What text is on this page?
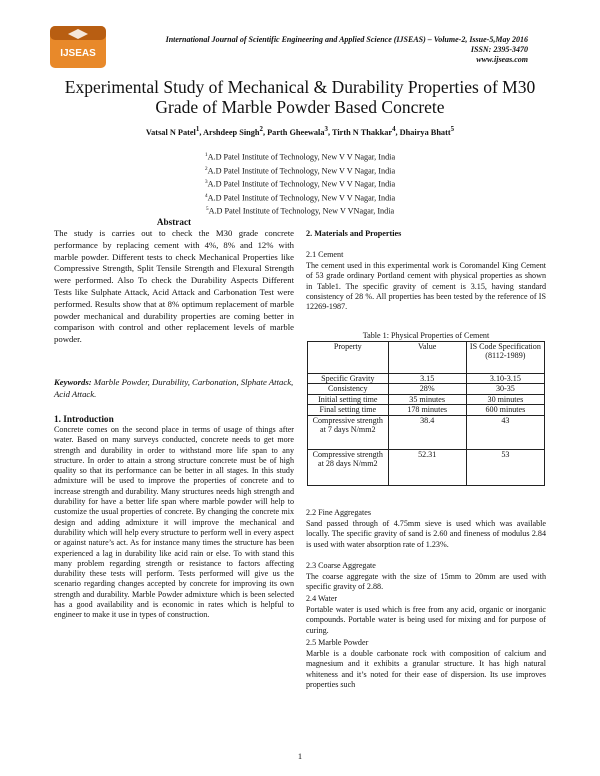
IJSEAS
International Journal of Scientific Engineering and Applied Science (IJSEAS) – Volume-2, Issue-5,May 2016
ISSN: 2395-3470
www.ijseas.com
Experimental Study of Mechanical & Durability Properties of M30
Grade of Marble Powder Based Concrete
Vatsal N Patel$^1$, Arshdeep Singh$^2$, Parth Gheewala$^3$, Tirth N Thakkar$^4$, Dhairya Bhatt$^5$
$^1$A.D Patel Institute of Technology, New V V Nagar, India
$^2$A.D Patel Institute of Technology, New V V Nagar, India
$^3$A.D Patel Institute of Technology, New V V Nagar, India
$^4$A.D Patel Institute of Technology, New V V Nagar, India
$^5$A.D Patel Institute of Technology, New V VNagar, India
Abstract
The study is carries out to check the M30 grade concrete performance by replacing cement with 4%, 8% and 12% with marble powder. Different tests to check Mechanical Properties like Compressive Strength, Split Tensile Strength and Flexural Strength were performed. Also To check the Durability Aspects Different Tests like Sulphate Attack, Acid Attack and Carbonation Test were performed. Results show that at 8% optimum replacement of marble powder mechanical and durability properties are coming better in comparison with control and other replacement levels of marble powder.
Keywords: Marble Powder, Durability, Carbonation, Slphate Attack, Acid Attack.
1. Introduction
Concrete comes on the second place in terms of usage of things after water. Based on many surveys conducted, concrete needs to get more strength and durability in order to withstand more life span to any structure. In order to attain a strong structure concrete must be of high quality so that its performance can be better in all stages. In this study admixture will be used to improve the properties of concrete and to increase strength and durability. Many structures needs high strength and durability for have a better life span where marble powder will help to customize the usual properties of concrete. By changing the concrete mix design and adding admixture it will improve the mechanical and durability which will help every structure to perform well in every aspect or against nature’s act. As for instance many times the structure has been experienced a lag in durability like acid rain or else. To with stand this many problem regarding strength or resistance to factors affecting durability these tests will perform. Tests performed will give us the scenario regarding changes accepted by concrete for improving its own strength and durability. Marble Powder admixture which is been selected has a good availability and is economic in rates which is helpful to engineer to make it use in types of construction.
2. Materials and Properties
2.1 Cement
The cement used in this experimental work is Coromandel King Cement of 53 grade ordinary Portland cement with physical properties as shown in Table1. The specific gravity of cement is 3.15, having standard consistency of 28 %. All properties has been tested by the reference of IS 12269-1987.
Table 1: Physical Properties of Cement
Property	Value	IS Code Specification (8112-1989)
Specific Gravity	3.15	3.10-3.15
Consistency	28%	30-35
Initial setting time	35 minutes	30 minutes
Final setting time	178 minutes	600 minutes
Compressive strength at 7 days N/mm2	38.4	43
Compressive strength at 28 days N/mm2	52.31	53
2.2 Fine Aggregates
Sand passed through of 4.75mm sieve is used which was available locally. The specific gravity of sand is 2.60 and fineness of modulus 2.84 is used with water absorption rate of 1.23%.
2.3 Coarse Aggregate
The coarse aggregate with the size of 15mm to 20mm are used with specific gravity of 2.88.
2.4 Water
Portable water is used which is free from any acid, organic or inorganic compounds. Portable water is being used for mixing and for purpose of curing.
2.5 Marble Powder
Marble is a double carbonate rock with composition of calcium and magnesium and it exhibits a granular structure. It has high natural whiteness and it’s noted for their ease of dispersion. Its use improves properties such
1
